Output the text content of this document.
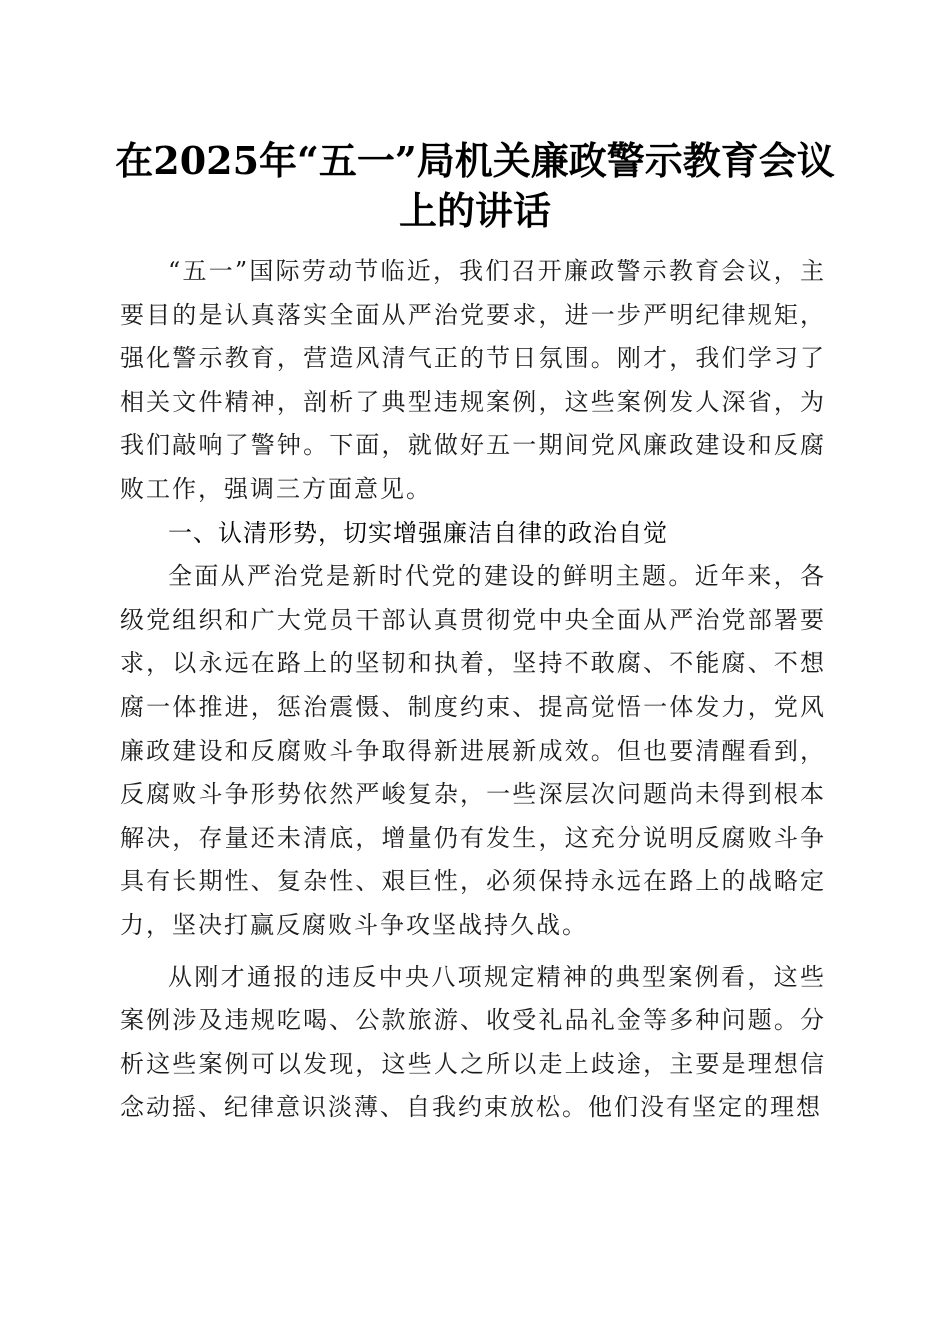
在2025年“五一”局机关廉政警示教育会议
上的讲话

“五一”国际劳动节临近，我们召开廉政警示教育会议，主要目的是认真落实全面从严治党要求，进一步严明纪律规矩，强化警示教育，营造风清气正的节日氛围。刚才，我们学习了相关文件精神，剖析了典型违规案例，这些案例发人深省，为我们敲响了警钟。下面，就做好五一期间党风廉政建设和反腐败工作，强调三方面意见。

一、认清形势，切实增强廉洁自律的政治自觉

全面从严治党是新时代党的建设的鲜明主题。近年来，各级党组织和广大党员干部认真贯彻党中央全面从严治党部署要求，以永远在路上的坚韧和执着，坚持不敢腐、不能腐、不想腐一体推进，惩治震慑、制度约束、提高觉悟一体发力，党风廉政建设和反腐败斗争取得新进展新成效。但也要清醒看到，反腐败斗争形势依然严峻复杂，一些深层次问题尚未得到根本解决，存量还未清底，增量仍有发生，这充分说明反腐败斗争具有长期性、复杂性、艰巨性，必须保持永远在路上的战略定力，坚决打赢反腐败斗争攻坚战持久战。

从刚才通报的违反中央八项规定精神的典型案例看，这些案例涉及违规吃喝、公款旅游、收受礼品礼金等多种问题。分析这些案例可以发现，这些人之所以走上歧途，主要是理想信念动摇、纪律意识淡薄、自我约束放松。他们没有坚定的理想
